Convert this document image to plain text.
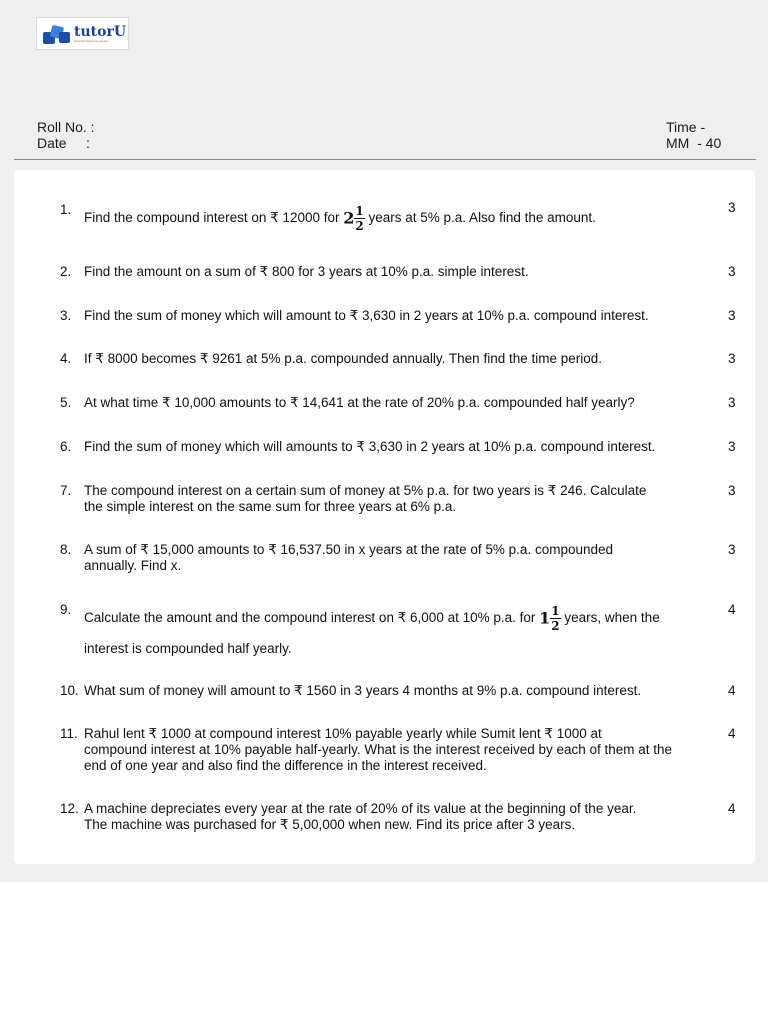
tutorU
tutorial learning portal
Roll No. :
Date     :
Time -
MM  - 40
1.
Find the compound interest on ₹ 12000 for $2 \frac{1}{2}$ years at 5% p.a. Also find the amount.
3
2. Find the amount on a sum of ₹ 800 for 3 years at 10% p.a. simple interest.	3
3. Find the sum of money which will amount to ₹ 3,630 in 2 years at 10% p.a. compound interest.	3
4. If ₹ 8000 becomes ₹ 9261 at 5% p.a. compounded annually. Then find the time period.	3
5. At what time ₹ 10,000 amounts to ₹ 14,641 at the rate of 20% p.a. compounded half yearly?	3
6. Find the sum of money which will amounts to ₹ 3,630 in 2 years at 10% p.a. compound interest.	3
7. The compound interest on a certain sum of money at 5% p.a. for two years is ₹ 246. Calculate
the simple interest on the same sum for three years at 6% p.a.
3
8. A sum of ₹ 15,000 amounts to ₹ 16,537.50 in x years at the rate of 5% p.a. compounded
annually. Find x.
3
9.
Calculate the amount and the compound interest on ₹ 6,000 at 10% p.a. for $1 \frac{1}{2}$ years, when the
interest is compounded half yearly.
4
10. What sum of money will amount to ₹ 1560 in 3 years 4 months at 9% p.a. compound interest.	4
11. Rahul lent ₹ 1000 at compound interest 10% payable yearly while Sumit lent ₹ 1000 at
compound interest at 10% payable half-yearly. What is the interest received by each of them at the
end of one year and also find the difference in the interest received.
4
12. A machine depreciates every year at the rate of 20% of its value at the beginning of the year.
The machine was purchased for ₹ 5,00,000 when new. Find its price after 3 years.
4
